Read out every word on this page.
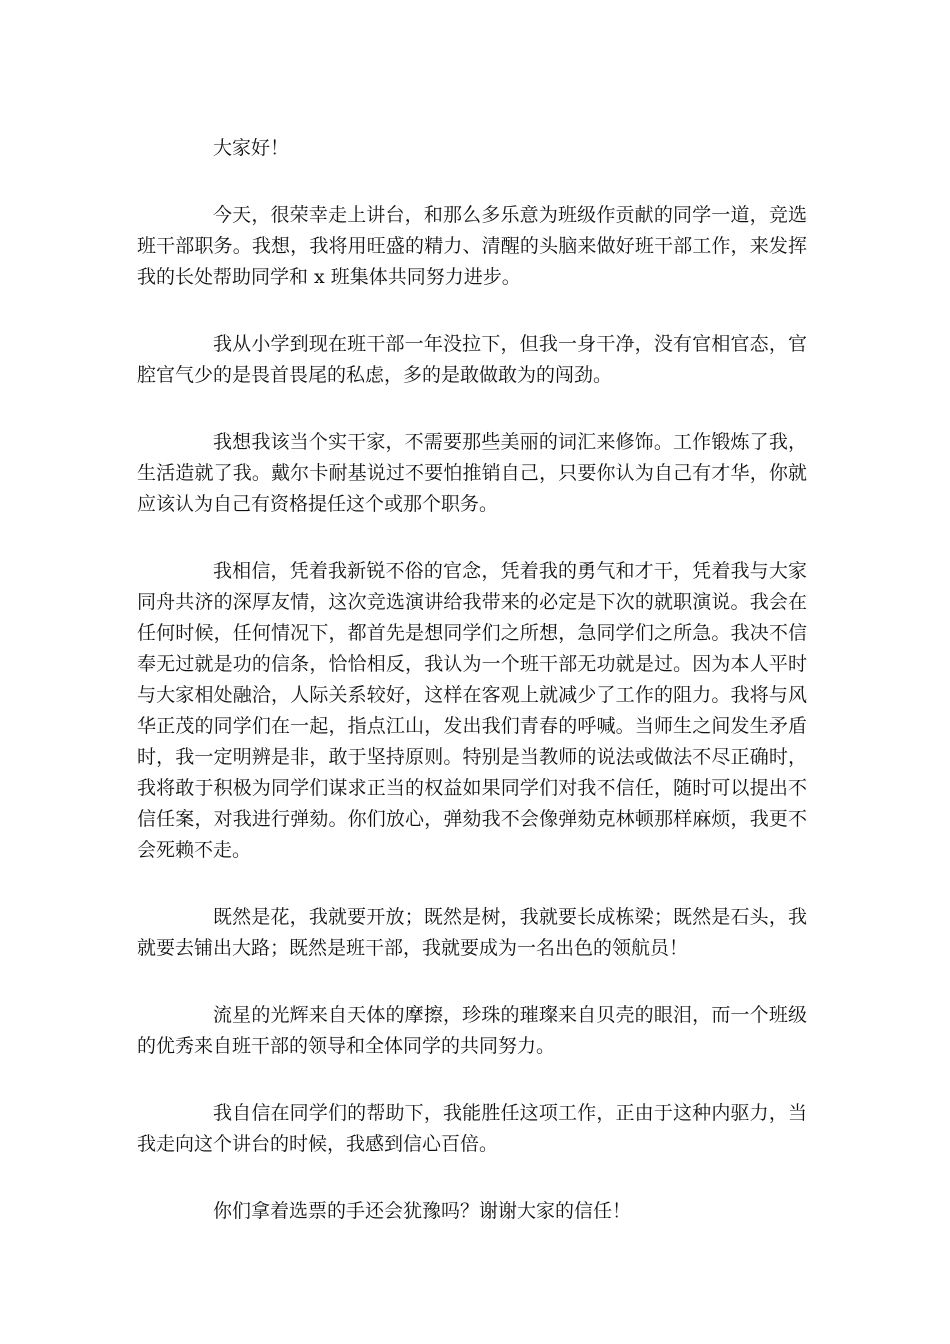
大家好！

今天，很荣幸走上讲台，和那么多乐意为班级作贡献的同学一道，竞选班干部职务。我想，我将用旺盛的精力、清醒的头脑来做好班干部工作，来发挥我的长处帮助同学和 x 班集体共同努力进步。

我从小学到现在班干部一年没拉下，但我一身干净，没有官相官态，官腔官气少的是畏首畏尾的私虑，多的是敢做敢为的闯劲。

我想我该当个实干家，不需要那些美丽的词汇来修饰。工作锻炼了我，生活造就了我。戴尔卡耐基说过不要怕推销自己，只要你认为自己有才华，你就应该认为自己有资格提任这个或那个职务。

我相信，凭着我新锐不俗的官念，凭着我的勇气和才干，凭着我与大家同舟共济的深厚友情，这次竞选演讲给我带来的必定是下次的就职演说。我会在任何时候，任何情况下，都首先是想同学们之所想，急同学们之所急。我决不信奉无过就是功的信条，恰恰相反，我认为一个班干部无功就是过。因为本人平时与大家相处融洽，人际关系较好，这样在客观上就减少了工作的阻力。我将与风华正茂的同学们在一起，指点江山，发出我们青春的呼喊。当师生之间发生矛盾时，我一定明辨是非，敢于坚持原则。特别是当教师的说法或做法不尽正确时，我将敢于积极为同学们谋求正当的权益如果同学们对我不信任，随时可以提出不信任案，对我进行弹劾。你们放心，弹劾我不会像弹劾克林顿那样麻烦，我更不会死赖不走。

既然是花，我就要开放；既然是树，我就要长成栋梁；既然是石头，我就要去铺出大路；既然是班干部，我就要成为一名出色的领航员！

流星的光辉来自天体的摩擦，珍珠的璀璨来自贝壳的眼泪，而一个班级的优秀来自班干部的领导和全体同学的共同努力。

我自信在同学们的帮助下，我能胜任这项工作，正由于这种内驱力，当我走向这个讲台的时候，我感到信心百倍。

你们拿着选票的手还会犹豫吗？谢谢大家的信任！
